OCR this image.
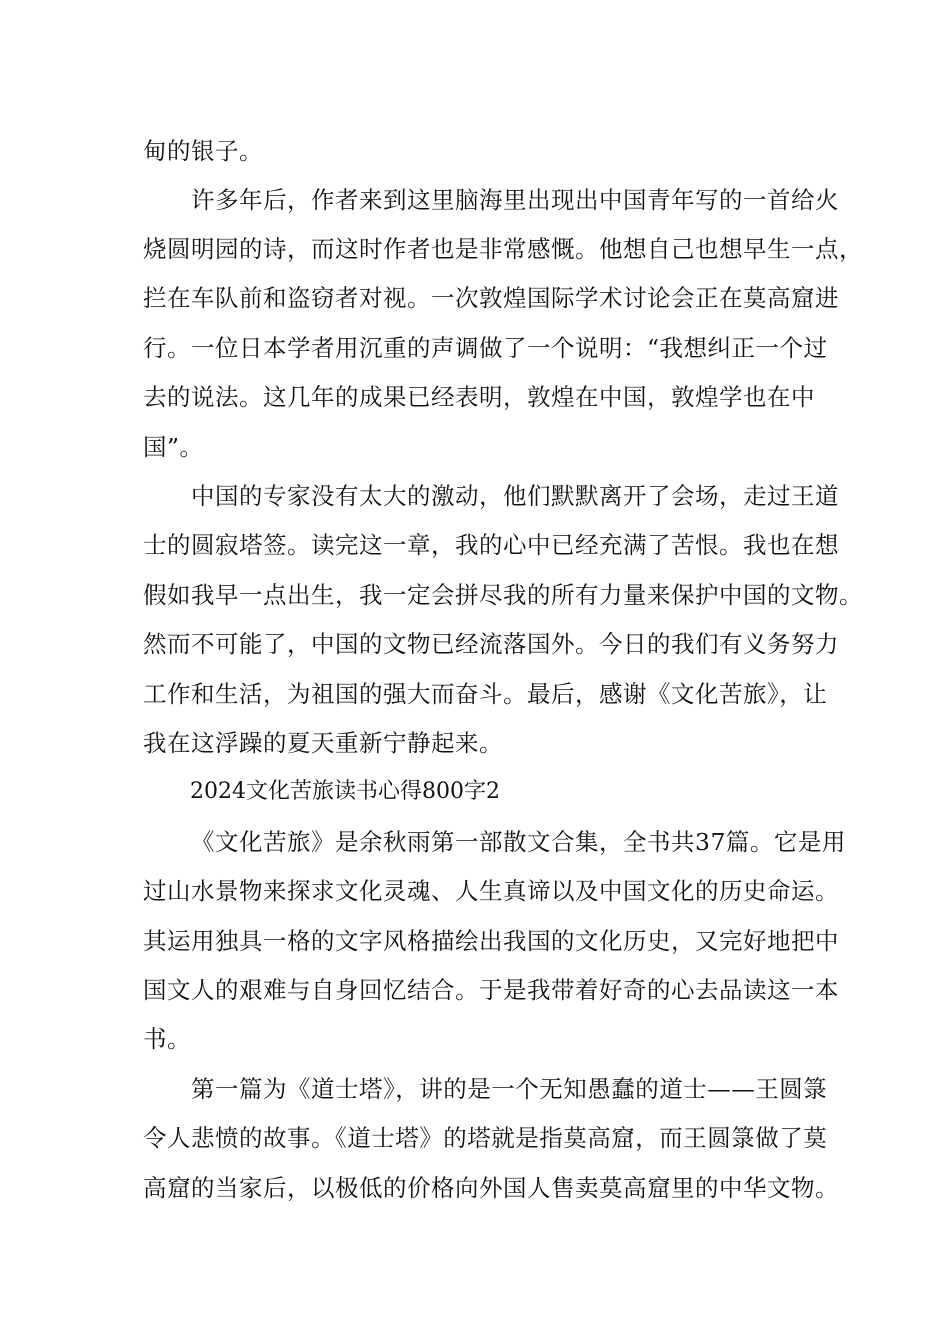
甸的银子。
许多年后，作者来到这里脑海里出现出中国青年写的一首给火
烧圆明园的诗，而这时作者也是非常感慨。他想自己也想早生一点，
拦在车队前和盗窃者对视。一次敦煌国际学术讨论会正在莫高窟进
行。一位日本学者用沉重的声调做了一个说明：“我想纠正一个过
去的说法。这几年的成果已经表明，敦煌在中国，敦煌学也在中
国”。
中国的专家没有太大的激动，他们默默离开了会场，走过王道
士的圆寂塔签。读完这一章，我的心中已经充满了苦恨。我也在想
假如我早一点出生，我一定会拼尽我的所有力量来保护中国的文物。
然而不可能了，中国的文物已经流落国外。今日的我们有义务努力
工作和生活，为祖国的强大而奋斗。最后，感谢《文化苦旅》，让
我在这浮躁的夏天重新宁静起来。
2024文化苦旅读书心得800字2
《文化苦旅》是余秋雨第一部散文合集，全书共37篇。它是用
过山水景物来探求文化灵魂、人生真谛以及中国文化的历史命运。
其运用独具一格的文字风格描绘出我国的文化历史，又完好地把中
国文人的艰难与自身回忆结合。于是我带着好奇的心去品读这一本
书。
第一篇为《道士塔》，讲的是一个无知愚蠢的道士——王圆箓
令人悲愤的故事。《道士塔》的塔就是指莫高窟，而王圆箓做了莫
高窟的当家后，以极低的价格向外国人售卖莫高窟里的中华文物。
